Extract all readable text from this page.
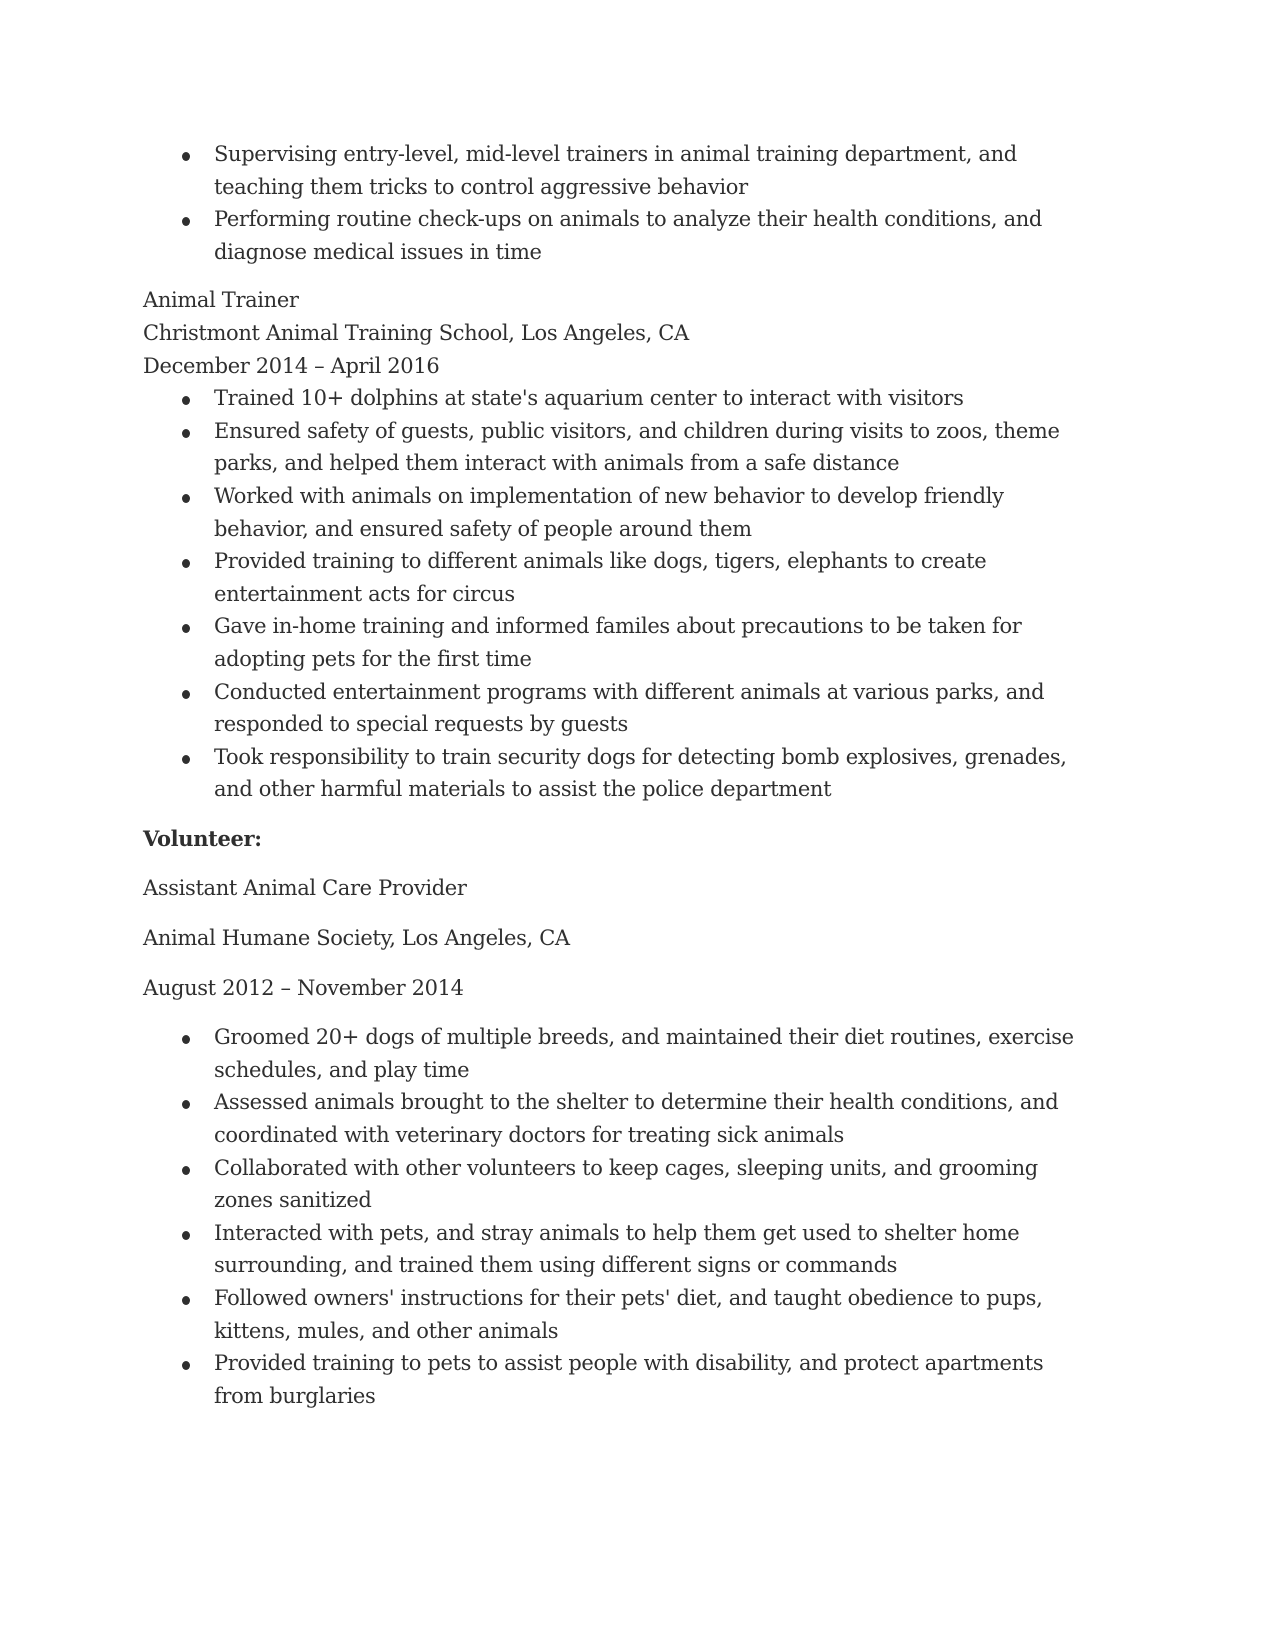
Supervising entry-level, mid-level trainers in animal training department, and teaching them tricks to control aggressive behavior
Performing routine check-ups on animals to analyze their health conditions, and diagnose medical issues in time
Animal Trainer
Christmont Animal Training School, Los Angeles, CA
December 2014 – April 2016
Trained 10+ dolphins at state's aquarium center to interact with visitors
Ensured safety of guests, public visitors, and children during visits to zoos, theme parks, and helped them interact with animals from a safe distance
Worked with animals on implementation of new behavior to develop friendly behavior, and ensured safety of people around them
Provided training to different animals like dogs, tigers, elephants to create entertainment acts for circus
Gave in-home training and informed familes about precautions to be taken for adopting pets for the first time
Conducted entertainment programs with different animals at various parks, and responded to special requests by guests
Took responsibility to train security dogs for detecting bomb explosives, grenades, and other harmful materials to assist the police department
Volunteer:
Assistant Animal Care Provider
Animal Humane Society, Los Angeles, CA
August 2012 – November 2014
Groomed 20+ dogs of multiple breeds, and maintained their diet routines, exercise schedules, and play time
Assessed animals brought to the shelter to determine their health conditions, and coordinated with veterinary doctors for treating sick animals
Collaborated with other volunteers to keep cages, sleeping units, and grooming zones sanitized
Interacted with pets, and stray animals to help them get used to shelter home surrounding, and trained them using different signs or commands
Followed owners' instructions for their pets' diet, and taught obedience to pups, kittens, mules, and other animals
Provided training to pets to assist people with disability, and protect apartments from burglaries
